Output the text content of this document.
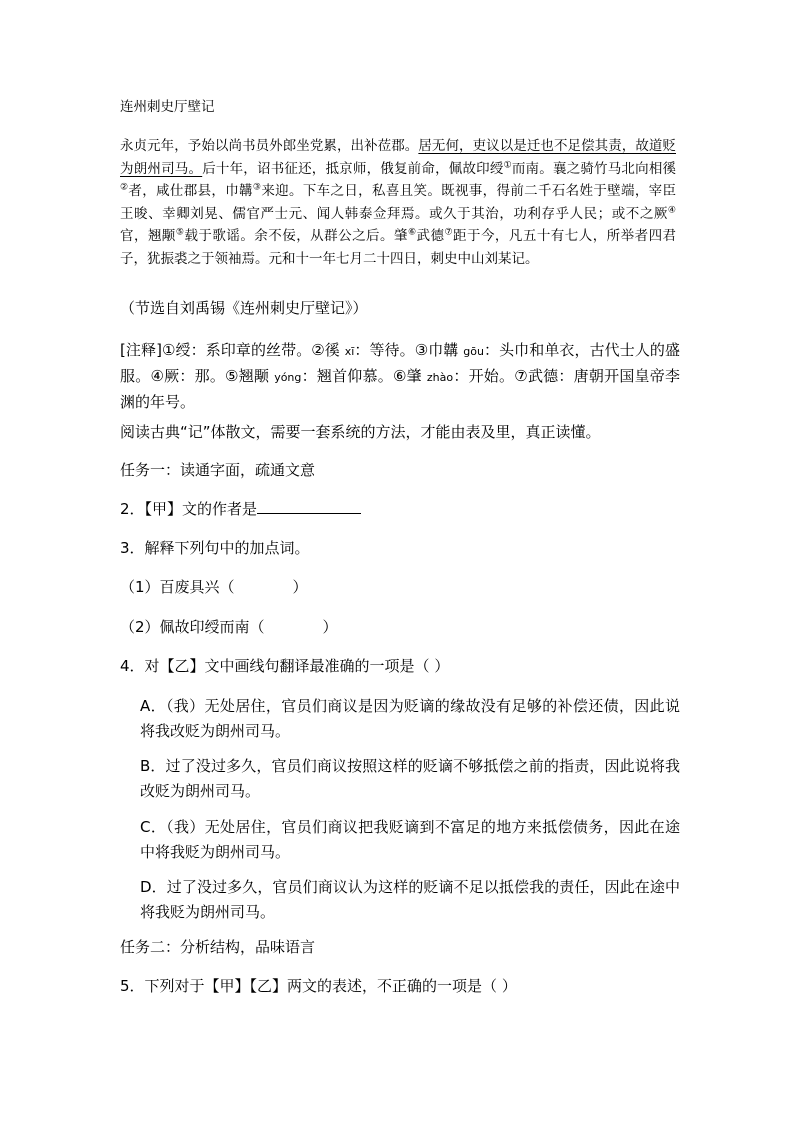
连州刺史厅壁记
永贞元年，予始以尚书员外郎坐党累，出补莅郡。居无何，吏议以是迁也不足偿其责，故道贬为朗州司马。后十年，诏书征还，抵京师，俄复前命，佩故印绶①而南。襄之骑竹马北向相徯②者，咸仕郡县，巾韝③来迎。下车之日，私喜且笑。既视事，得前二千石名姓于壁端，宰臣王晙、幸卿刘晃、儒官严士元、闻人韩泰佥拜焉。或久于其治，功利存乎人民；或不之厥④官，翘颙⑤载于歌谣。余不佞，从群公之后。肇⑥武德⑦距于今，凡五十有七人，所举者四君子，犹振裘之于领袖焉。元和十一年七月二十四日，刺史中山刘某记。
（节选自刘禹锡《连州刺史厅壁记》）
[注释]①绶：系印章的丝带。②徯 xī：等待。③巾韝 gōu：头巾和单衣，古代士人的盛服。④厥：那。⑤翘颙 yóng：翘首仰慕。⑥肇 zhào：开始。⑦武德：唐朝开国皇帝李渊的年号。
阅读古典“记”体散文，需要一套系统的方法，才能由表及里，真正读懂。
任务一：读通字面，疏通文意
2．【甲】文的作者是
3．解释下列句中的加点词。
（1）百废具兴（	）
（2）佩故印绶而南（	）
4．对【乙】文中画线句翻译最准确的一项是（ ）
A．（我）无处居住，官员们商议是因为贬谪的缘故没有足够的补偿还债，因此说将我改贬为朗州司马。
B．过了没过多久，官员们商议按照这样的贬谪不够抵偿之前的指责，因此说将我改贬为朗州司马。
C．（我）无处居住，官员们商议把我贬谪到不富足的地方来抵偿债务，因此在途中将我贬为朗州司马。
D．过了没过多久，官员们商议认为这样的贬谪不足以抵偿我的责任，因此在途中将我贬为朗州司马。
任务二：分析结构，品味语言
5．下列对于【甲】【乙】两文的表述，不正确的一项是（ ）
